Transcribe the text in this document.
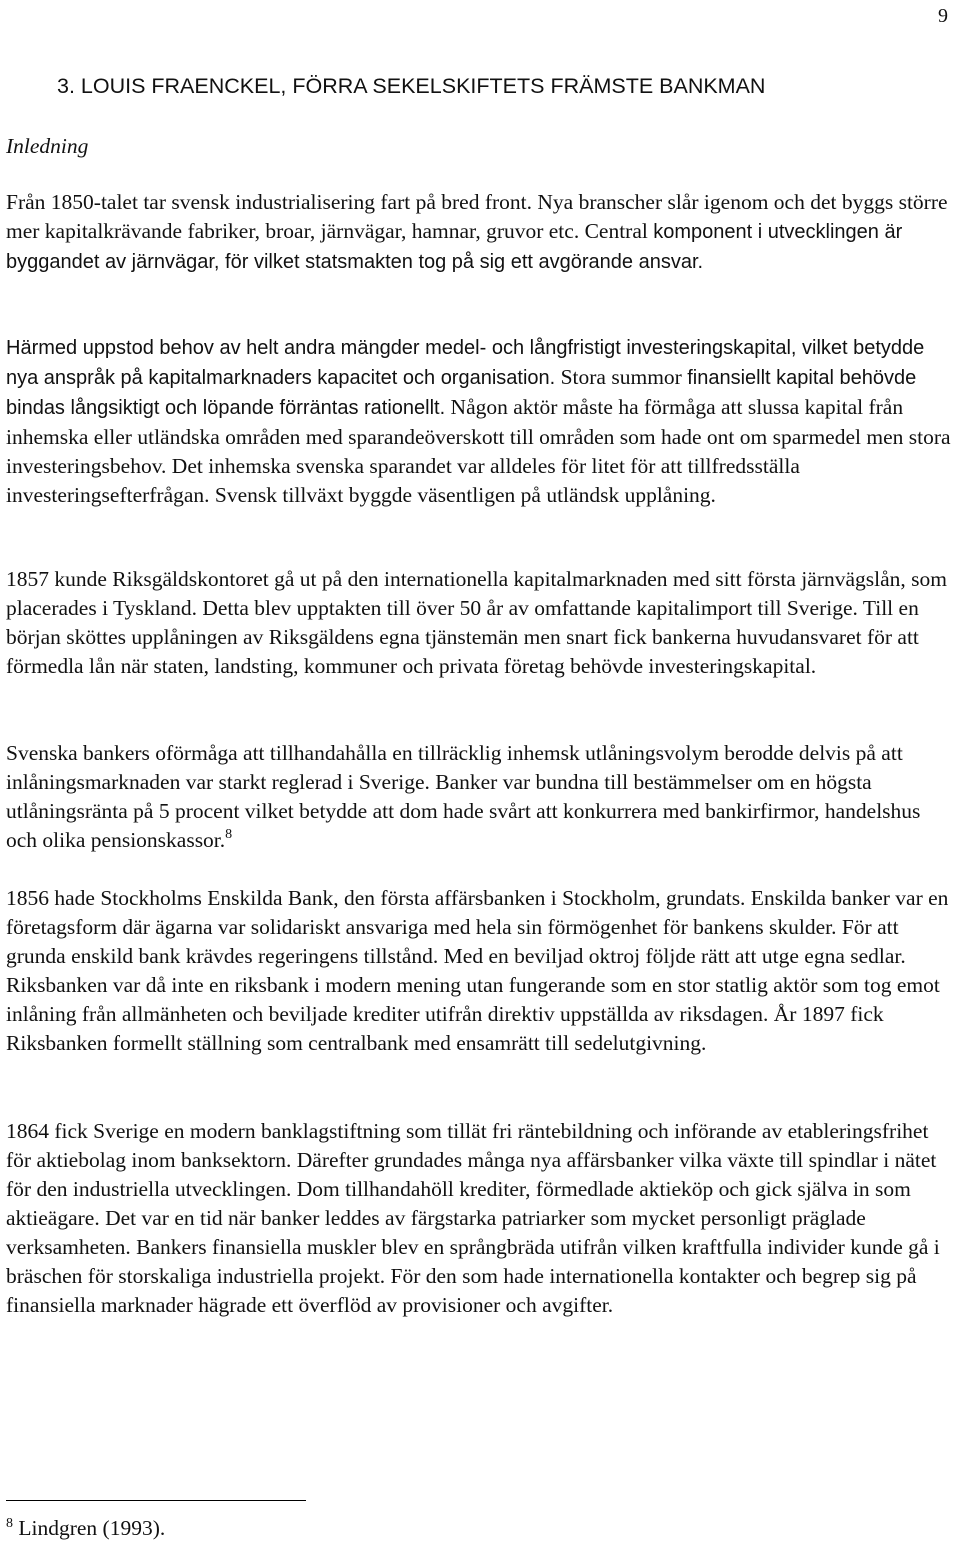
9
3. LOUIS FRAENCKEL, FÖRRA SEKELSKIFTETS FRÄMSTE BANKMAN
Inledning

Från 1850-talet tar svensk industrialisering fart på bred front. Nya branscher slår igenom och det byggs större mer kapitalkrävande fabriker, broar, järnvägar, hamnar, gruvor etc. Central komponent i utvecklingen är byggandet av järnvägar, för vilket statsmakten tog på sig ett avgörande ansvar.

Härmed uppstod behov av helt andra mängder medel- och långfristigt investeringskapital, vilket betydde nya anspråk på kapitalmarknaders kapacitet och organisation. Stora summor finansiellt kapital behövde bindas långsiktigt och löpande förräntas rationellt. Någon aktör måste ha förmåga att slussa kapital från inhemska eller utländska områden med sparandeöverskott till områden som hade ont om sparmedel men stora investeringsbehov. Det inhemska svenska sparandet var alldeles för litet för att tillfredsställa investeringsefterfrågan. Svensk tillväxt byggde väsentligen på utländsk upplåning.

1857 kunde Riksgäldskontoret gå ut på den internationella kapitalmarknaden med sitt första järnvägslån, som placerades i Tyskland. Detta blev upptakten till över 50 år av omfattande kapitalimport till Sverige. Till en början sköttes upplåningen av Riksgäldens egna tjänstemän men snart fick bankerna huvudansvaret för att förmedla lån när staten, landsting, kommuner och privata företag behövde investeringskapital.

Svenska bankers oförmåga att tillhandahålla en tillräcklig inhemsk utlåningsvolym berodde delvis på att inlåningsmarknaden var starkt reglerad i Sverige. Banker var bundna till bestämmelser om en högsta utlåningsränta på 5 procent vilket betydde att dom hade svårt att konkurrera med bankirfirmor, handelshus och olika pensionskassor.$^8$

1856 hade Stockholms Enskilda Bank, den första affärsbanken i Stockholm, grundats. Enskilda banker var en företagsform där ägarna var solidariskt ansvariga med hela sin förmögenhet för bankens skulder. För att grunda enskild bank krävdes regeringens tillstånd. Med en beviljad oktroj följde rätt att utge egna sedlar. Riksbanken var då inte en riksbank i modern mening utan fungerande som en stor statlig aktör som tog emot inlåning från allmänheten och beviljade krediter utifrån direktiv uppställda av riksdagen. År 1897 fick Riksbanken formellt ställning som centralbank med ensamrätt till sedelutgivning.

1864 fick Sverige en modern banklagstiftning som tillät fri räntebildning och införande av etableringsfrihet för aktiebolag inom banksektorn. Därefter grundades många nya affärsbanker vilka växte till spindlar i nätet för den industriella utvecklingen. Dom tillhandahöll krediter, förmedlade aktieköp och gick själva in som aktieägare. Det var en tid när banker leddes av färgstarka patriarker som mycket personligt präglade verksamheten. Bankers finansiella muskler blev en språngbräda utifrån vilken kraftfulla individer kunde gå i bräschen för storskaliga industriella projekt. För den som hade internationella kontakter och begrep sig på finansiella marknader hägrade ett överflöd av provisioner och avgifter.

$^8$ Lindgren (1993).
